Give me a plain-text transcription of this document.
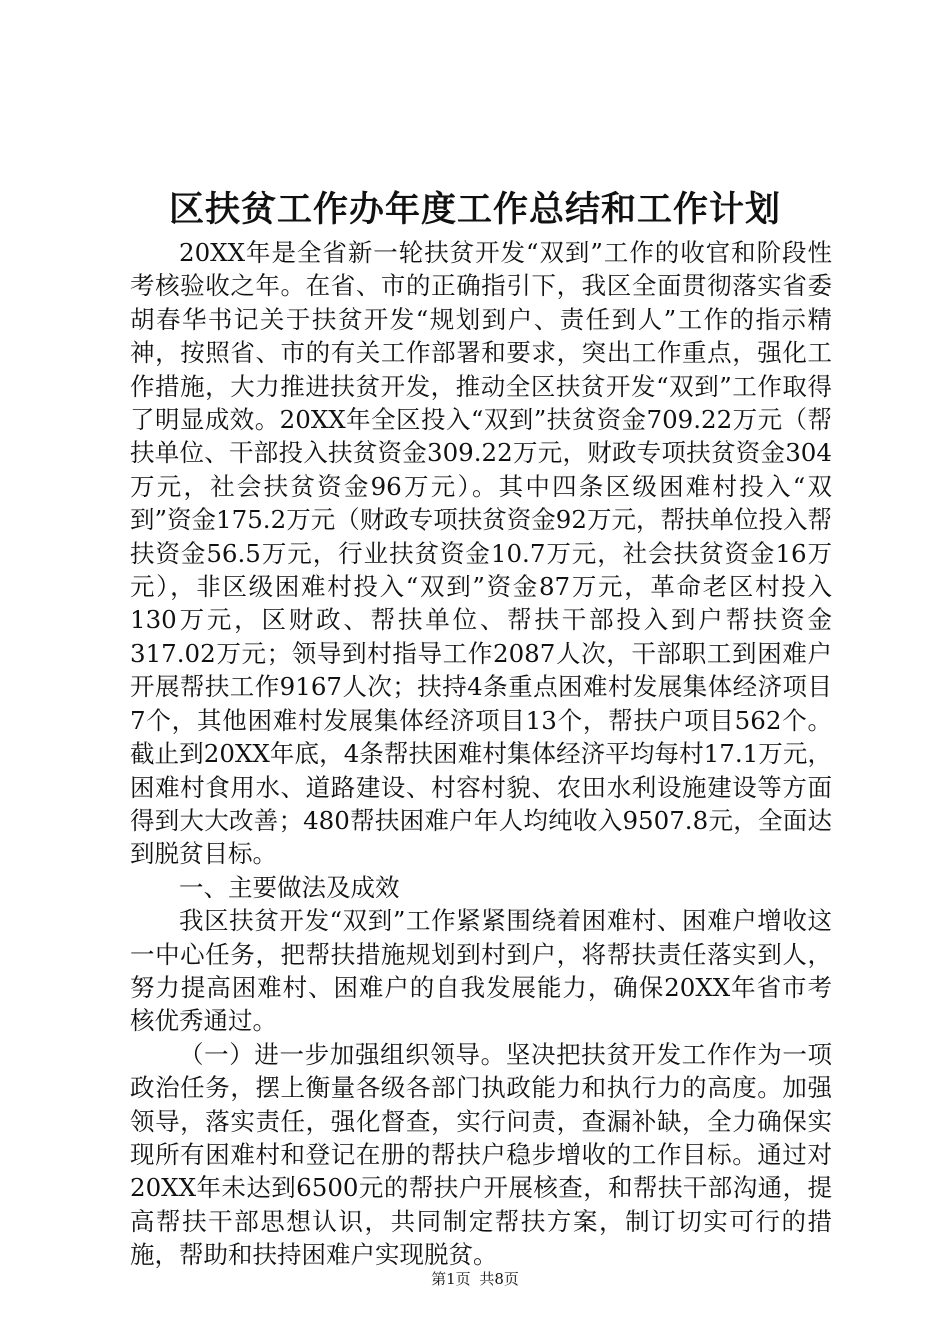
区扶贫工作办年度工作总结和工作计划

20XX年是全省新一轮扶贫开发“双到”工作的收官和阶段性考核验收之年。在省、市的正确指引下，我区全面贯彻落实省委胡春华书记关于扶贫开发“规划到户、责任到人”工作的指示精神，按照省、市的有关工作部署和要求，突出工作重点，强化工作措施，大力推进扶贫开发，推动全区扶贫开发“双到”工作取得了明显成效。20XX年全区投入“双到”扶贫资金709.22万元（帮扶单位、干部投入扶贫资金309.22万元，财政专项扶贫资金304万元，社会扶贫资金96万元）。其中四条区级困难村投入“双到”资金175.2万元（财政专项扶贫资金92万元，帮扶单位投入帮扶资金56.5万元，行业扶贫资金10.7万元，社会扶贫资金16万元），非区级困难村投入“双到”资金87万元，革命老区村投入130万元，区财政、帮扶单位、帮扶干部投入到户帮扶资金317.02万元；领导到村指导工作2087人次，干部职工到困难户开展帮扶工作9167人次；扶持4条重点困难村发展集体经济项目7个，其他困难村发展集体经济项目13个，帮扶户项目562个。截止到20XX年底，4条帮扶困难村集体经济平均每村17.1万元，困难村食用水、道路建设、村容村貌、农田水利设施建设等方面得到大大改善；480帮扶困难户年人均纯收入9507.8元，全面达到脱贫目标。

一、主要做法及成效

我区扶贫开发“双到”工作紧紧围绕着困难村、困难户增收这一中心任务，把帮扶措施规划到村到户，将帮扶责任落实到人，努力提高困难村、困难户的自我发展能力，确保20XX年省市考核优秀通过。

（一）进一步加强组织领导。坚决把扶贫开发工作作为一项政治任务，摆上衡量各级各部门执政能力和执行力的高度。加强领导，落实责任，强化督查，实行问责，查漏补缺，全力确保实现所有困难村和登记在册的帮扶户稳步增收的工作目标。通过对20XX年未达到6500元的帮扶户开展核查，和帮扶干部沟通，提高帮扶干部思想认识，共同制定帮扶方案，制订切实可行的措施，帮助和扶持困难户实现脱贫。

第1页 共8页
